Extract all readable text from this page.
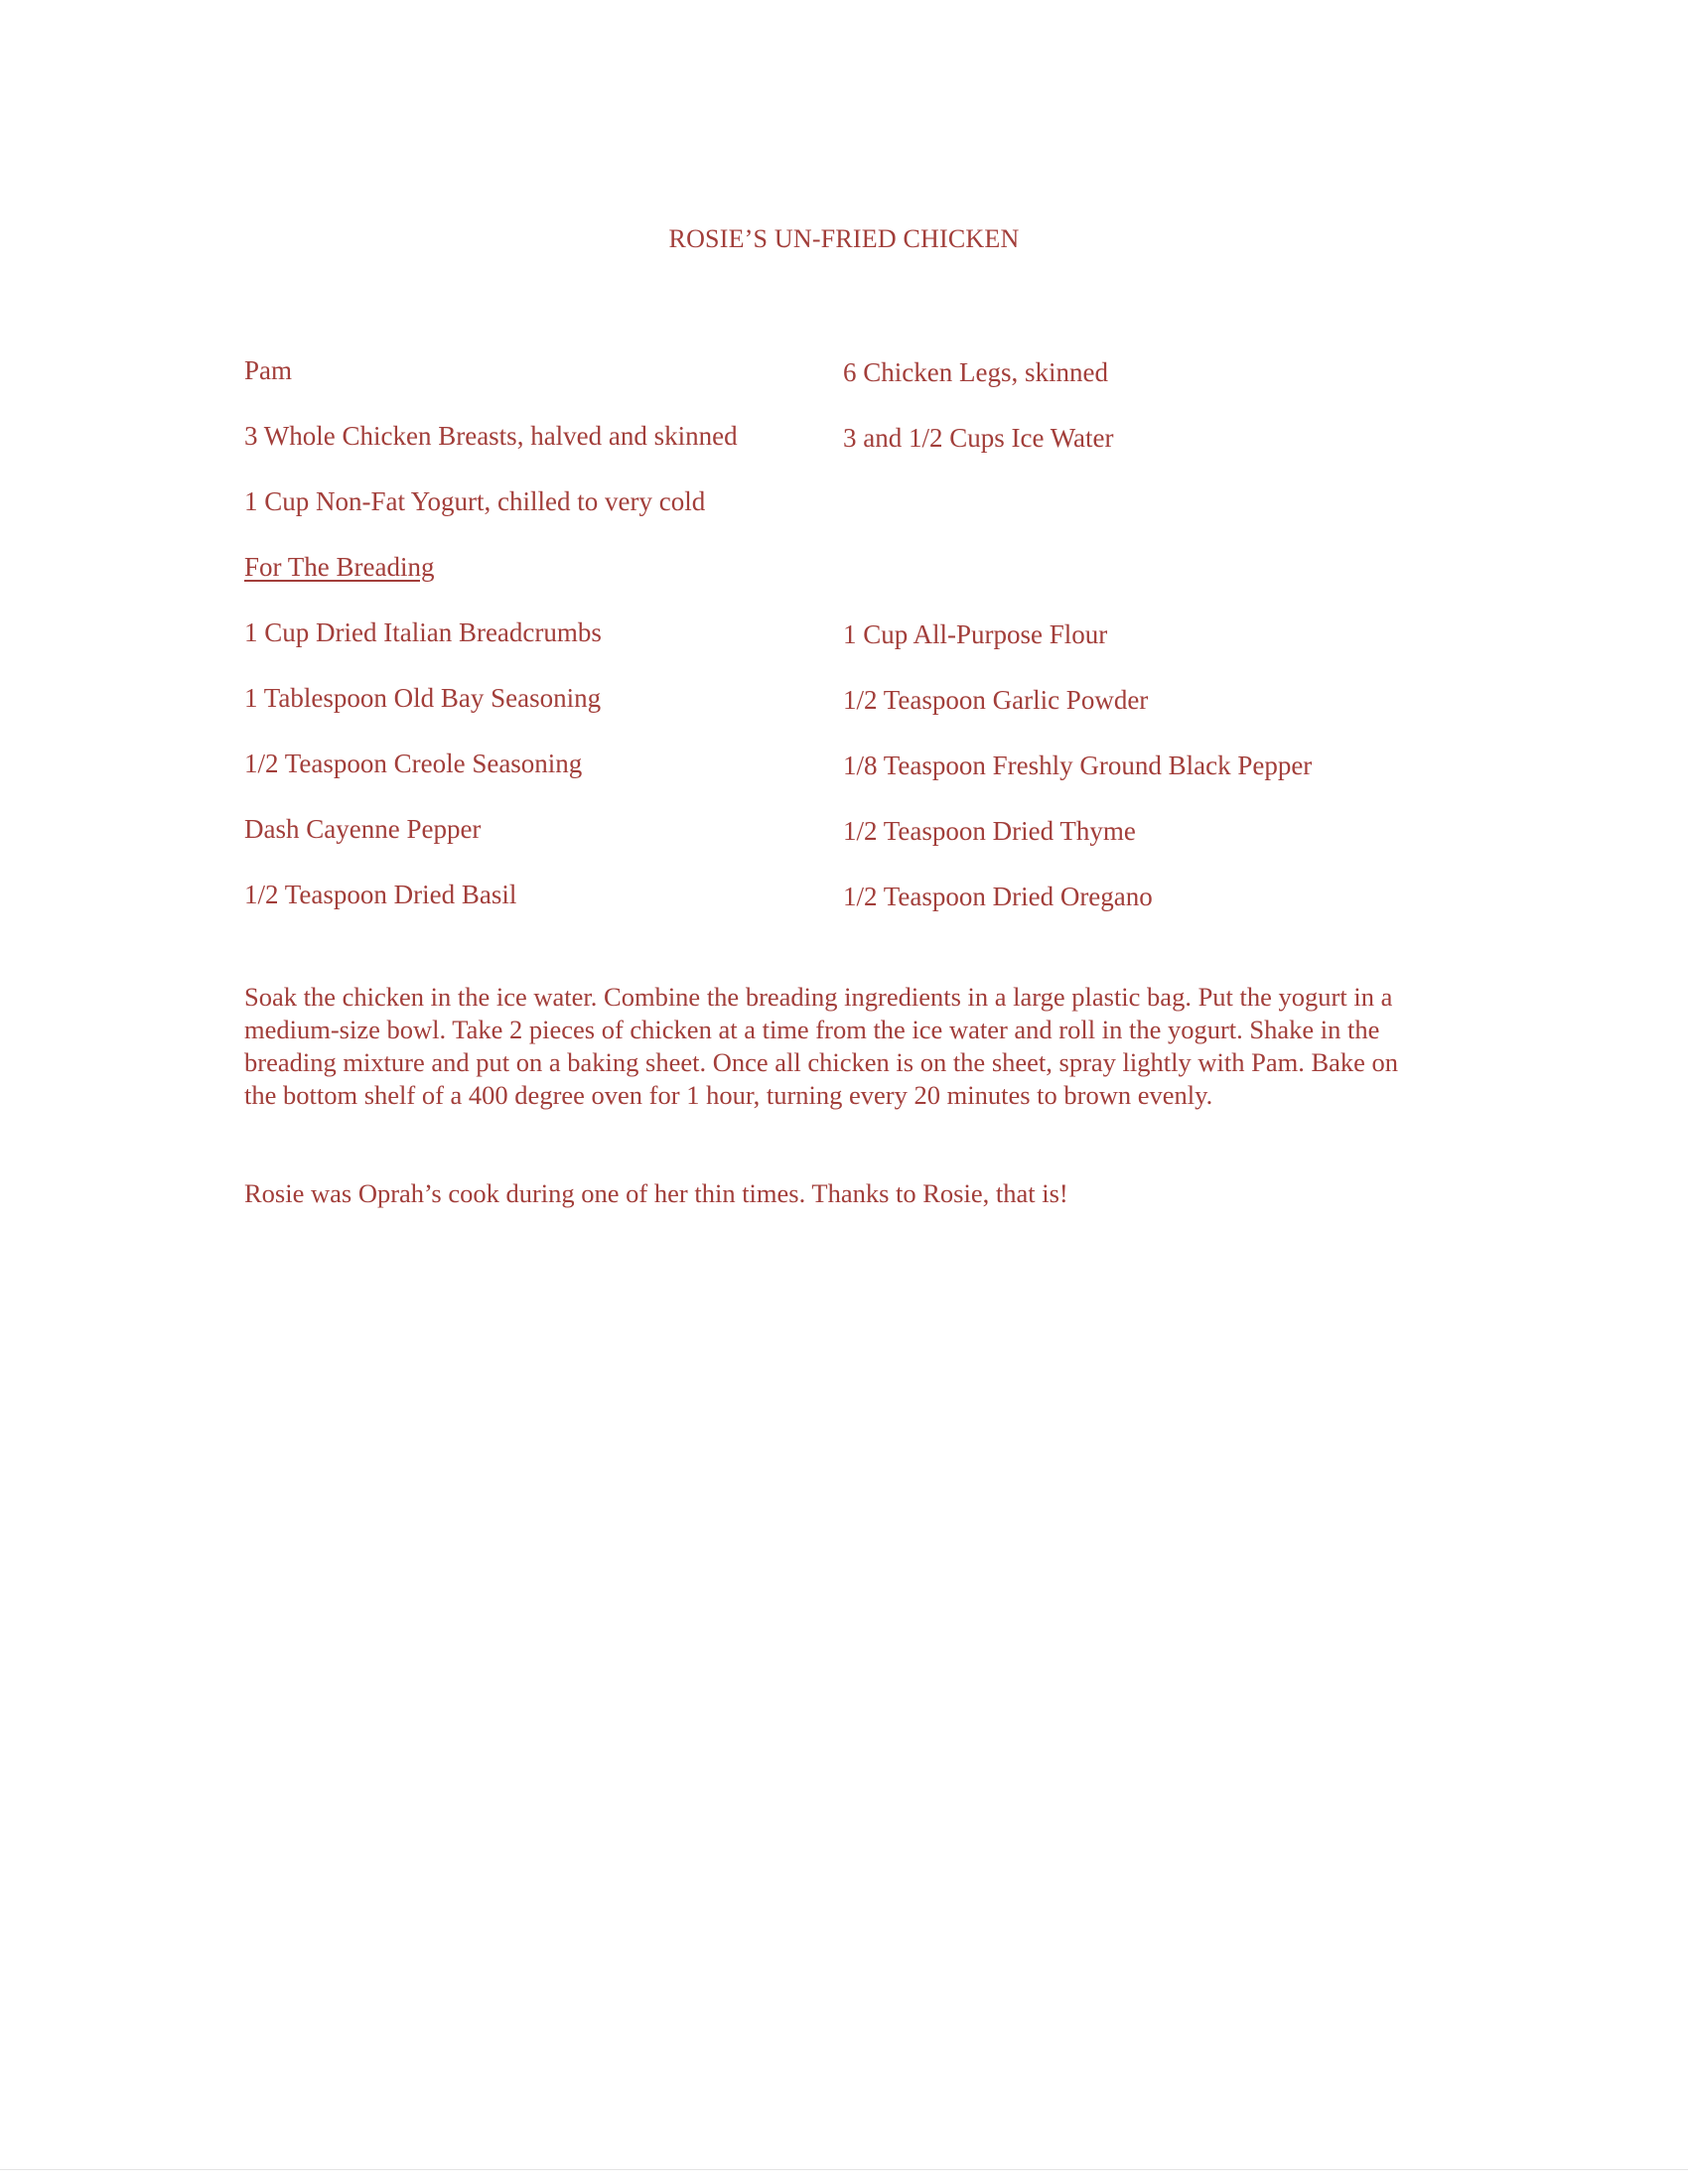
ROSIE’S UN-FRIED CHICKEN
Pam	6 Chicken Legs, skinned
3 Whole Chicken Breasts, halved and skinned	3 and 1/2 Cups Ice Water
1 Cup Non-Fat Yogurt, chilled to very cold
For The Breading
1 Cup Dried Italian Breadcrumbs	1 Cup All-Purpose Flour
1 Tablespoon Old Bay Seasoning	1/2 Teaspoon Garlic Powder
1/2 Teaspoon Creole Seasoning	1/8 Teaspoon Freshly Ground Black Pepper
Dash Cayenne Pepper	1/2 Teaspoon Dried Thyme
1/2 Teaspoon Dried Basil	1/2 Teaspoon Dried Oregano
Soak the chicken in the ice water. Combine the breading ingredients in a large plastic bag. Put the yogurt in a medium-size bowl. Take 2 pieces of chicken at a time from the ice water and roll in the yogurt. Shake in the breading mixture and put on a baking sheet. Once all chicken is on the sheet, spray lightly with Pam. Bake on the bottom shelf of a 400 degree oven for 1 hour, turning every 20 minutes to brown evenly.
Rosie was Oprah’s cook during one of her thin times. Thanks to Rosie, that is!
